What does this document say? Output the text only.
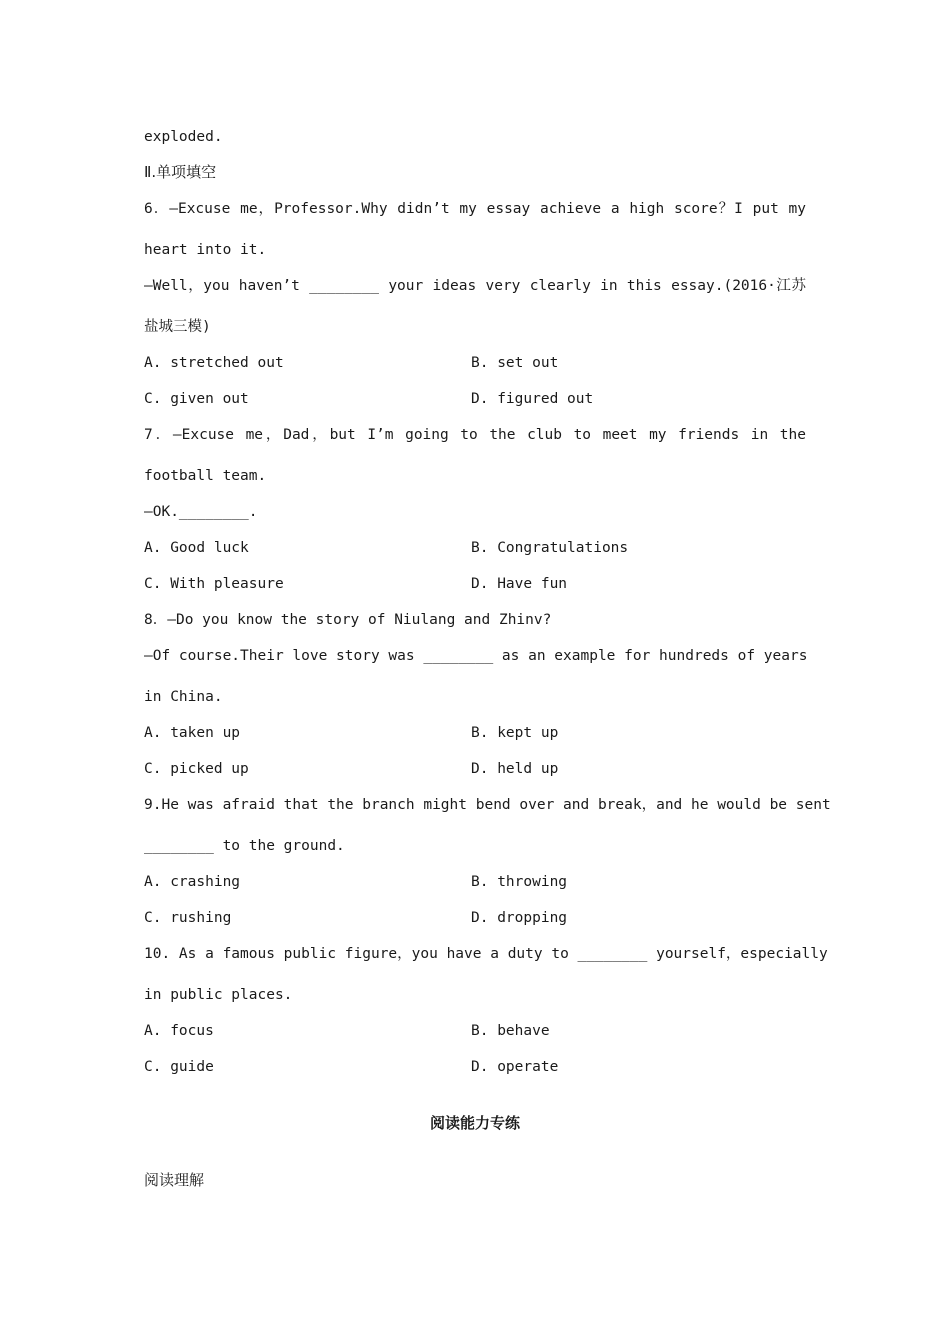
exploded.
Ⅱ.单项填空
6．—Excuse me，Professor.Why didn’t my essay achieve a high score？I put my
heart into it.
—Well，you haven’t ________ your ideas very clearly in this essay.(2016·江苏
盐城三模)
A. stretched out	B. set out
C. given out	D. figured out
7．—Excuse me，Dad，but I’m going to the club to meet my friends in the
football team.
—OK.________.
A. Good luck	B. Congratulations
C. With pleasure	D. Have fun
8．—Do you know the story of Niulang and Zhinv?
—Of course.Their love story was ________ as an example for hundreds of years
in China.
A. taken up	B. kept up
C. picked up	D. held up
9.He was afraid that the branch might bend over and break，and he would be sent
________ to the ground.
A. crashing	B. throwing
C. rushing	D. dropping
10. As a famous public figure，you have a duty to ________ yourself，especially
in public places.
A. focus	B. behave
C. guide	D. operate
阅读能力专练
阅读理解
